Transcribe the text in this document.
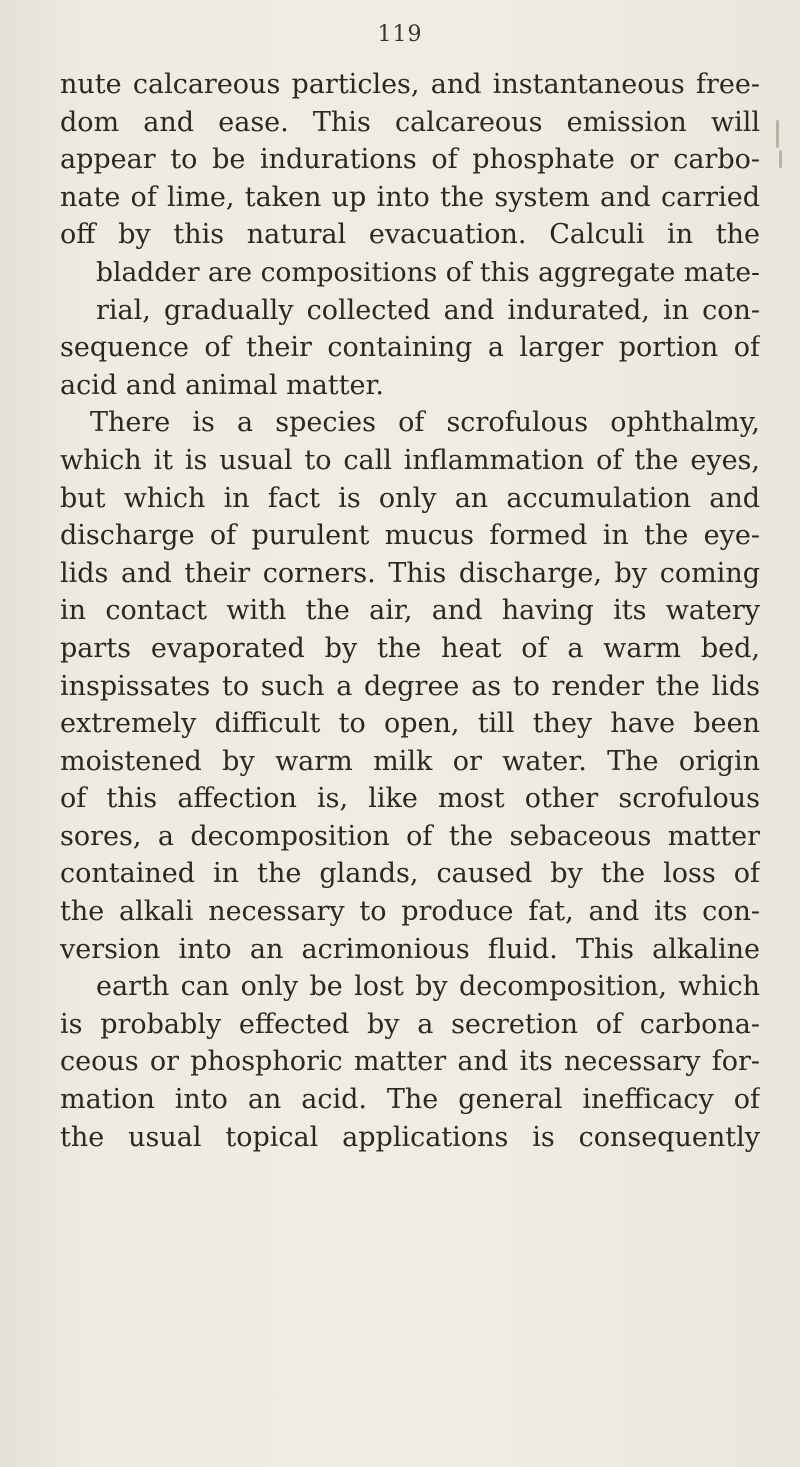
119
nute calcareous particles, and instantaneous free-
dom and ease. This calcareous emission will
appear to be indurations of phosphate or carbo-
nate of lime, taken up into the system and carried
off by this natural evacuation. Calculi in the
bladder are compositions of this aggregate mate-
rial, gradually collected and indurated, in con-
sequence of their containing a larger portion of
acid and animal matter.
There is a species of scrofulous ophthalmy,
which it is usual to call inflammation of the eyes,
but which in fact is only an accumulation and
discharge of purulent mucus formed in the eye-
lids and their corners. This discharge, by coming
in contact with the air, and having its watery
parts evaporated by the heat of a warm bed,
inspissates to such a degree as to render the lids
extremely difficult to open, till they have been
moistened by warm milk or water. The origin
of this affection is, like most other scrofulous
sores, a decomposition of the sebaceous matter
contained in the glands, caused by the loss of
the alkali necessary to produce fat, and its con-
version into an acrimonious fluid. This alkaline
earth can only be lost by decomposition, which
is probably effected by a secretion of carbona-
ceous or phosphoric matter and its necessary for-
mation into an acid. The general inefficacy of
the usual topical applications is consequently
